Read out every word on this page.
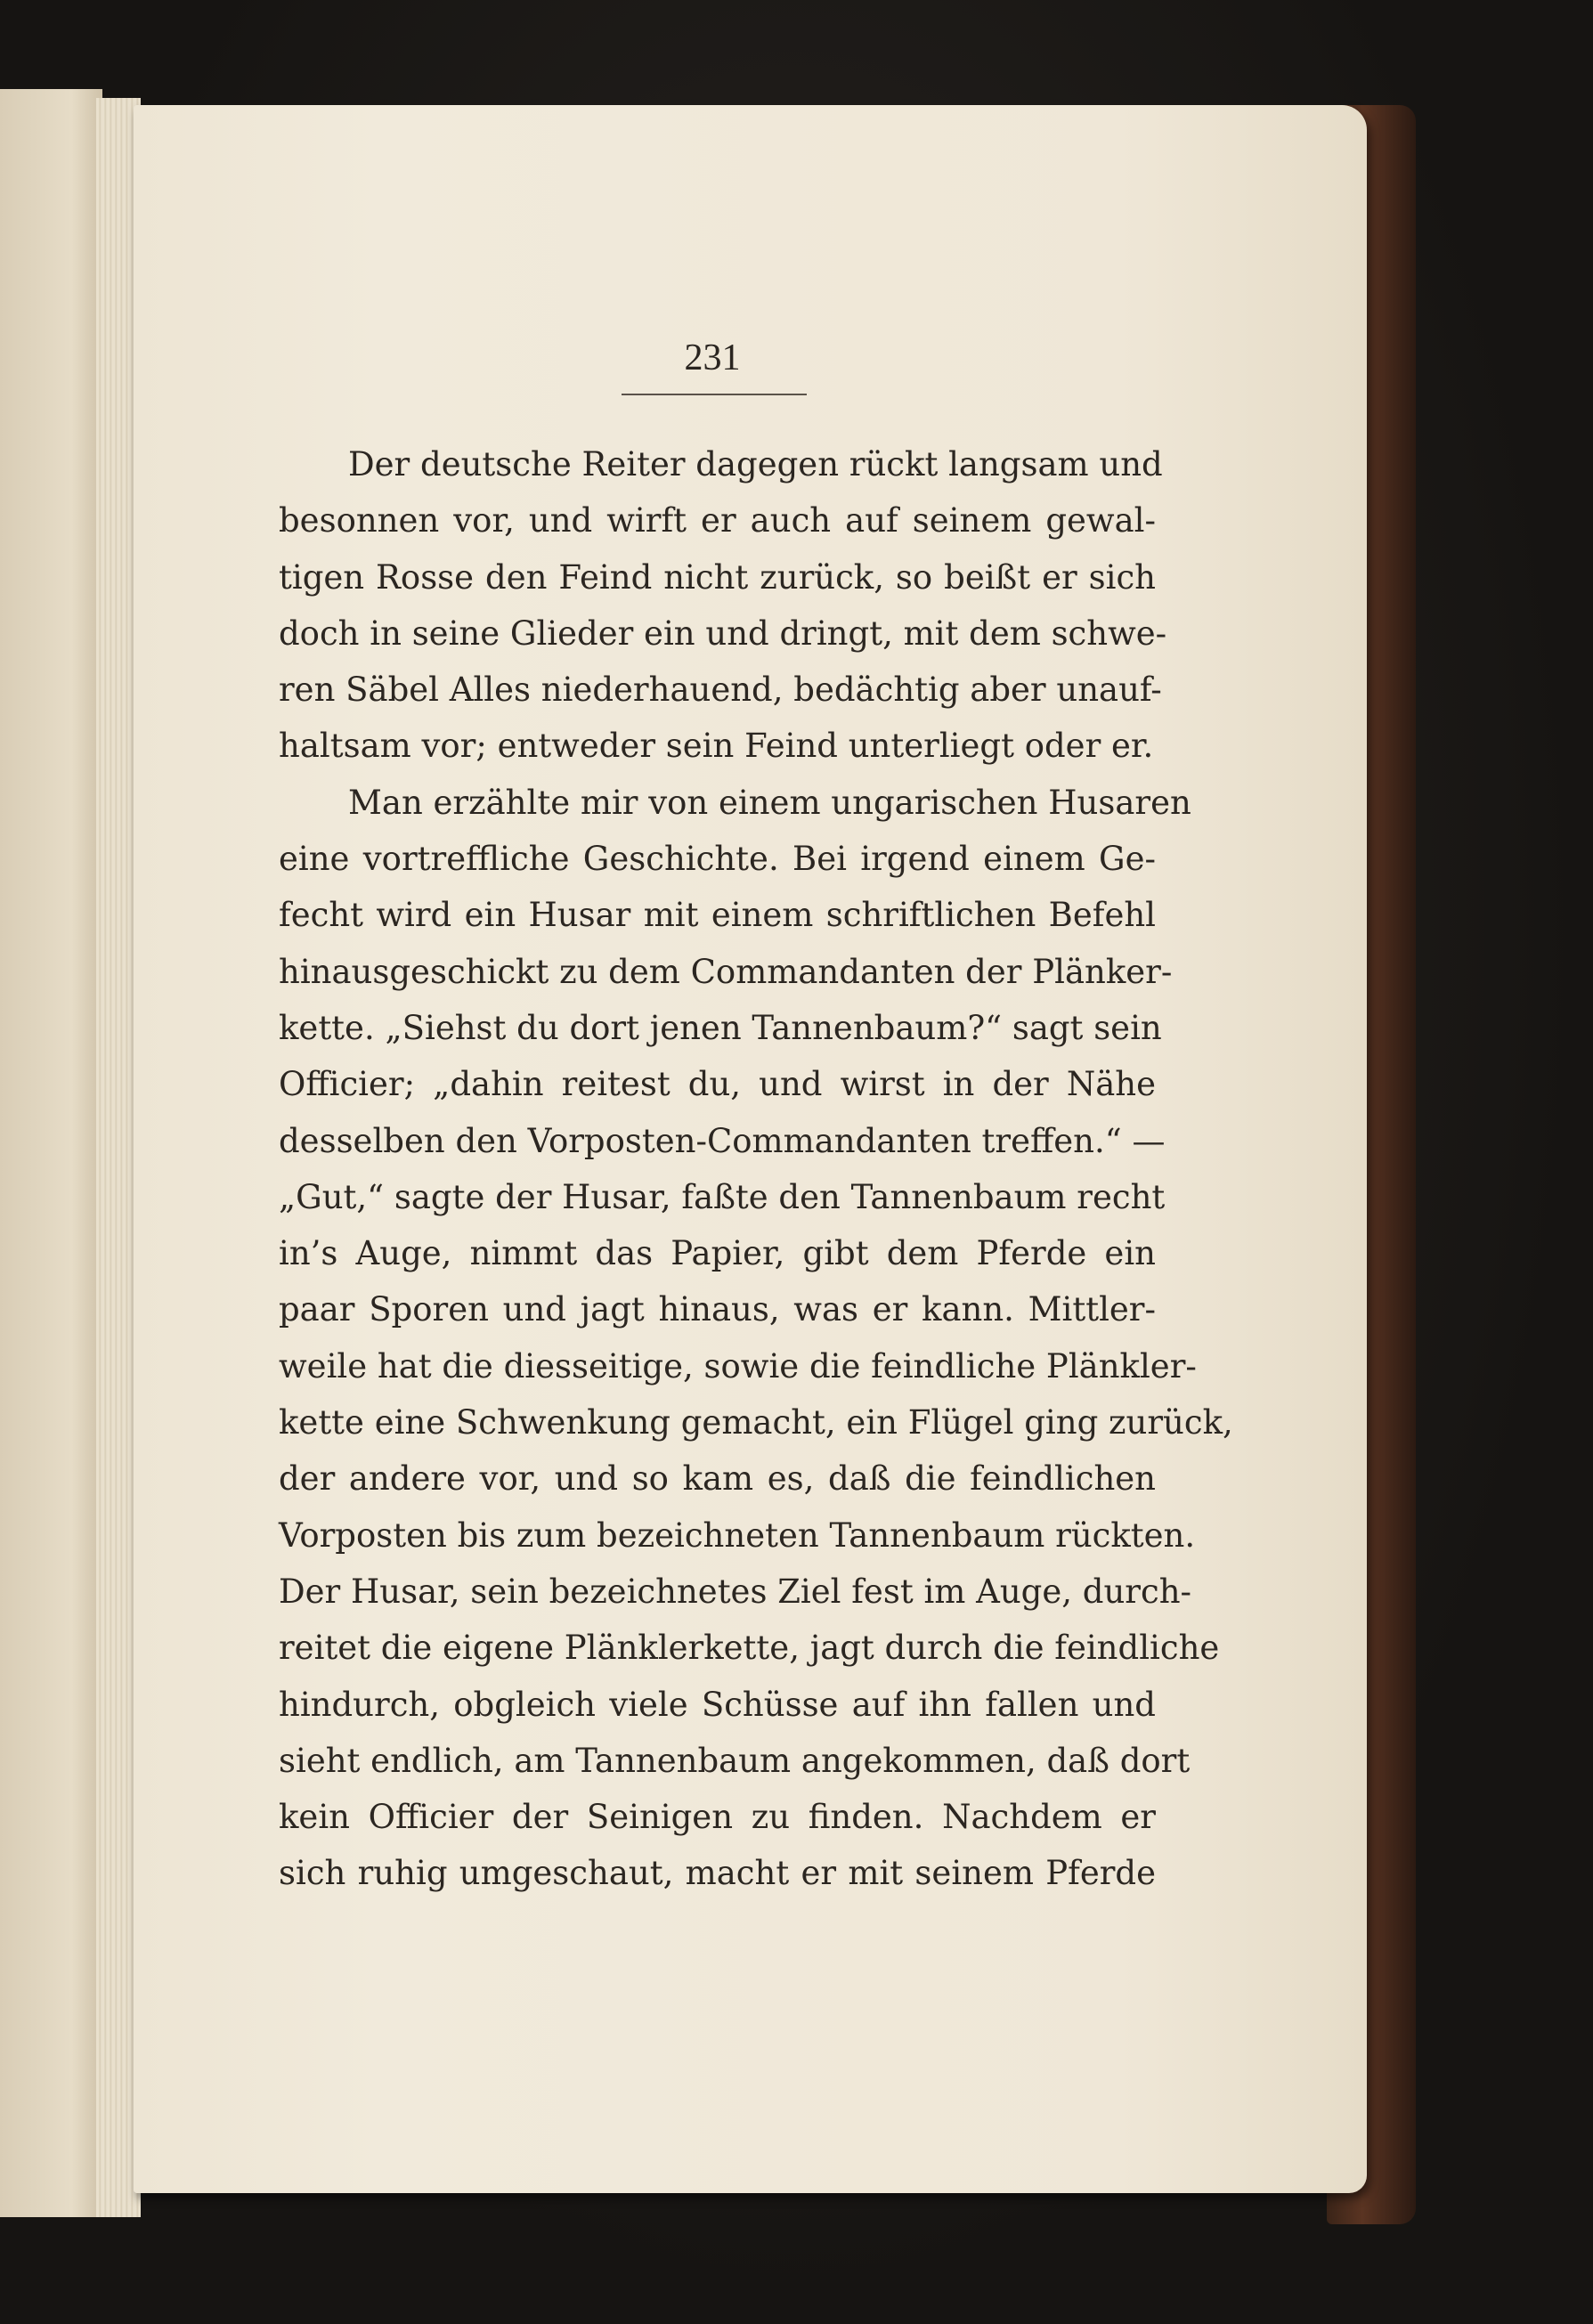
231
Der deutsche Reiter dagegen rückt langsam und
besonnen vor, und wirft er auch auf seinem gewal-
tigen Rosse den Feind nicht zurück, so beißt er sich
doch in seine Glieder ein und dringt, mit dem schwe-
ren Säbel Alles niederhauend, bedächtig aber unauf-
haltsam vor; entweder sein Feind unterliegt oder er.
Man erzählte mir von einem ungarischen Husaren
eine vortreffliche Geschichte. Bei irgend einem Ge-
fecht wird ein Husar mit einem schriftlichen Befehl
hinausgeschickt zu dem Commandanten der Plänker-
kette. „Siehst du dort jenen Tannenbaum?“ sagt sein
Officier; „dahin reitest du, und wirst in der Nähe
desselben den Vorposten-Commandanten treffen.“ —
„Gut,“ sagte der Husar, faßte den Tannenbaum recht
in’s Auge, nimmt das Papier, gibt dem Pferde ein
paar Sporen und jagt hinaus, was er kann. Mittler-
weile hat die diesseitige, sowie die feindliche Plänkler-
kette eine Schwenkung gemacht, ein Flügel ging zurück,
der andere vor, und so kam es, daß die feindlichen
Vorposten bis zum bezeichneten Tannenbaum rückten.
Der Husar, sein bezeichnetes Ziel fest im Auge, durch-
reitet die eigene Plänklerkette, jagt durch die feindliche
hindurch, obgleich viele Schüsse auf ihn fallen und
sieht endlich, am Tannenbaum angekommen, daß dort
kein Officier der Seinigen zu finden. Nachdem er
sich ruhig umgeschaut, macht er mit seinem Pferde
